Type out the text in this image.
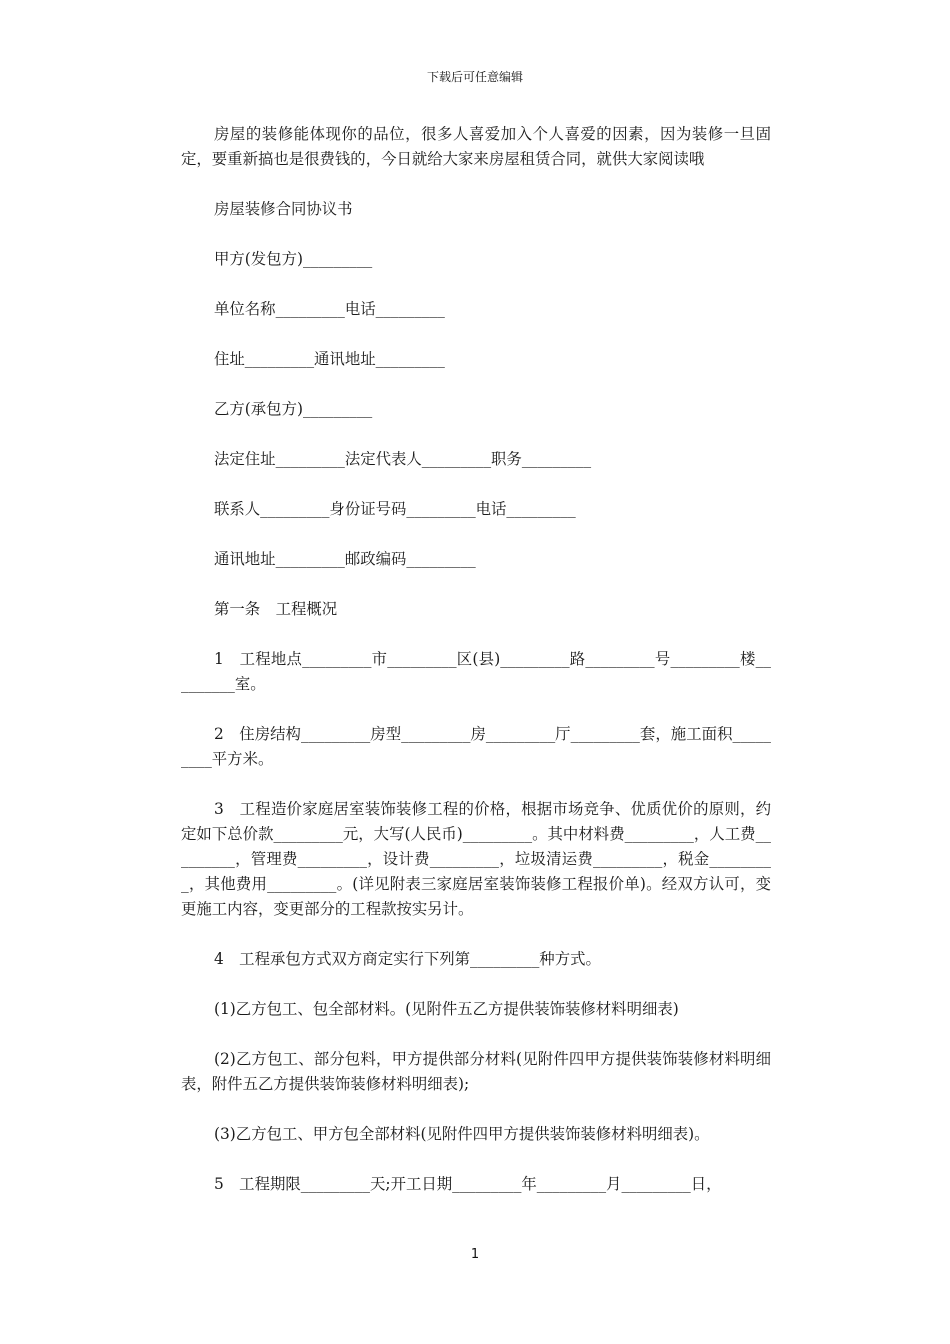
下载后可任意编辑

房屋的装修能体现你的品位，很多人喜爱加入个人喜爱的因素，因为装修一旦固定，要重新搞也是很费钱的，今日就给大家来房屋租赁合同，就供大家阅读哦

房屋装修合同协议书

甲方(发包方)_________

单位名称_________电话_________

住址_________通讯地址_________

乙方(承包方)_________

法定住址_________法定代表人_________职务_________

联系人_________身份证号码_________电话_________

通讯地址_________邮政编码_________

第一条　工程概况

1　工程地点_________市_________区(县)_________路_________号_________楼_________室。

2　住房结构_________房型_________房_________厅_________套，施工面积_________平方米。

3　工程造价家庭居室装饰装修工程的价格，根据市场竞争、优质优价的原则，约定如下总价款_________元，大写(人民币)_________。其中材料费_________，人工费_________，管理费_________，设计费_________，垃圾清运费_________，税金_________，其他费用_________。(详见附表三家庭居室装饰装修工程报价单)。经双方认可，变更施工内容，变更部分的工程款按实另计。

4　工程承包方式双方商定实行下列第_________种方式。

(1)乙方包工、包全部材料。(见附件五乙方提供装饰装修材料明细表)

(2)乙方包工、部分包料，甲方提供部分材料(见附件四甲方提供装饰装修材料明细表，附件五乙方提供装饰装修材料明细表);

(3)乙方包工、甲方包全部材料(见附件四甲方提供装饰装修材料明细表)。

5　工程期限_________天;开工日期_________年_________月_________日，

1
